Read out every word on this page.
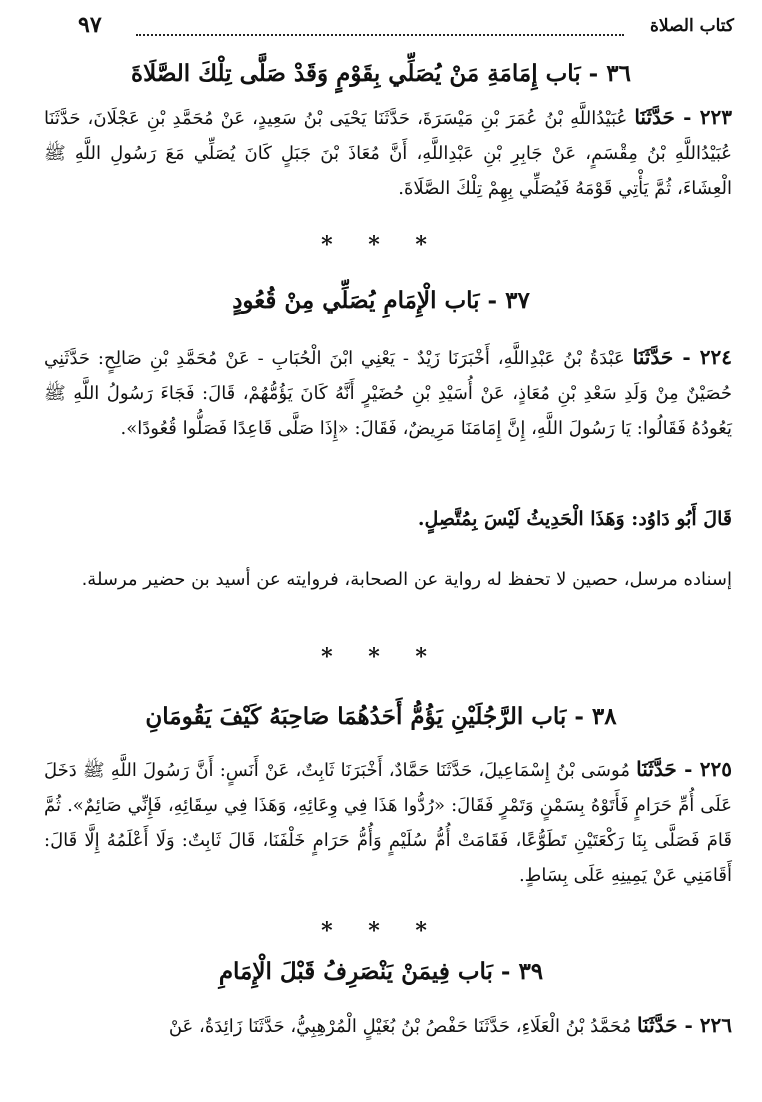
كتاب الصلاة
٩٧
٣٦ - بَاب إِمَامَةِ مَنْ يُصَلِّي بِقَوْمٍ وَقَدْ صَلَّى تِلْكَ الصَّلَاةَ
٢٢٣ - حَدَّثَنَا عُبَيْدُاللَّهِ بْنُ عُمَرَ بْنِ مَيْسَرَةَ، حَدَّثَنَا يَحْيَى بْنُ سَعِيدٍ، عَنْ مُحَمَّدِ بْنِ عَجْلَانَ، حَدَّثَنَا عُبَيْدُاللَّهِ بْنُ مِقْسَمٍ، عَنْ جَابِرِ بْنِ عَبْدِاللَّهِ، أَنَّ مُعَاذَ بْنَ جَبَلٍ كَانَ يُصَلِّي مَعَ رَسُولِ اللَّهِ ﷺ الْعِشَاءَ، ثُمَّ يَأْتِي قَوْمَهُ فَيُصَلِّي بِهِمْ تِلْكَ الصَّلَاةَ.
* * *
٣٧ - بَاب الْإِمَامِ يُصَلِّي مِنْ قُعُودٍ
٢٢٤ - حَدَّثَنَا عَبْدَةُ بْنُ عَبْدِاللَّهِ، أَخْبَرَنَا زَيْدٌ - يَعْنِي ابْنَ الْحُبَابِ - عَنْ مُحَمَّدِ بْنِ صَالِحٍ: حَدَّثَنِي حُصَيْنٌ مِنْ وَلَدِ سَعْدِ بْنِ مُعَاذٍ، عَنْ أُسَيْدِ بْنِ حُضَيْرٍ أَنَّهُ كَانَ يَؤُمُّهُمْ، قَالَ: فَجَاءَ رَسُولُ اللَّهِ ﷺ يَعُودُهُ فَقَالُوا: يَا رَسُولَ اللَّهِ، إِنَّ إِمَامَنَا مَرِيضٌ، فَقَالَ: «إِذَا صَلَّى قَاعِدًا فَصَلُّوا قُعُودًا».
قَالَ أَبُو دَاوُد: وَهَذَا الْحَدِيثُ لَيْسَ بِمُتَّصِلٍ.
إسناده مرسل، حصين لا تحفظ له رواية عن الصحابة، فروايته عن أسيد بن حضير مرسلة.
* * *
٣٨ - بَاب الرَّجُلَيْنِ يَؤُمُّ أَحَدُهُمَا صَاحِبَهُ كَيْفَ يَقُومَانِ
٢٢٥ - حَدَّثَنَا مُوسَى بْنُ إِسْمَاعِيلَ، حَدَّثَنَا حَمَّادٌ، أَخْبَرَنَا ثَابِتٌ، عَنْ أَنَسٍ: أَنَّ رَسُولَ اللَّهِ ﷺ دَخَلَ عَلَى أُمِّ حَرَامٍ فَأَتَوْهُ بِسَمْنٍ وَتَمْرٍ فَقَالَ: «رُدُّوا هَذَا فِي وِعَائِهِ، وَهَذَا فِي سِقَائِهِ، فَإِنِّي صَائِمٌ». ثُمَّ قَامَ فَصَلَّى بِنَا رَكْعَتَيْنِ تَطَوُّعًا، فَقَامَتْ أُمُّ سُلَيْمٍ وَأُمُّ حَرَامٍ خَلْفَنَا، قَالَ ثَابِتٌ: وَلَا أَعْلَمُهُ إِلَّا قَالَ: أَقَامَنِي عَنْ يَمِينِهِ عَلَى بِسَاطٍ.
* * *
٣٩ - بَاب فِيمَنْ يَنْصَرِفُ قَبْلَ الْإِمَامِ
٢٢٦ - حَدَّثَنَا مُحَمَّدُ بْنُ الْعَلَاءِ، حَدَّثَنَا حَفْصُ بْنُ بُغَيْلٍ الْمُرْهِبِيُّ، حَدَّثَنَا زَائِدَةُ، عَنْ
